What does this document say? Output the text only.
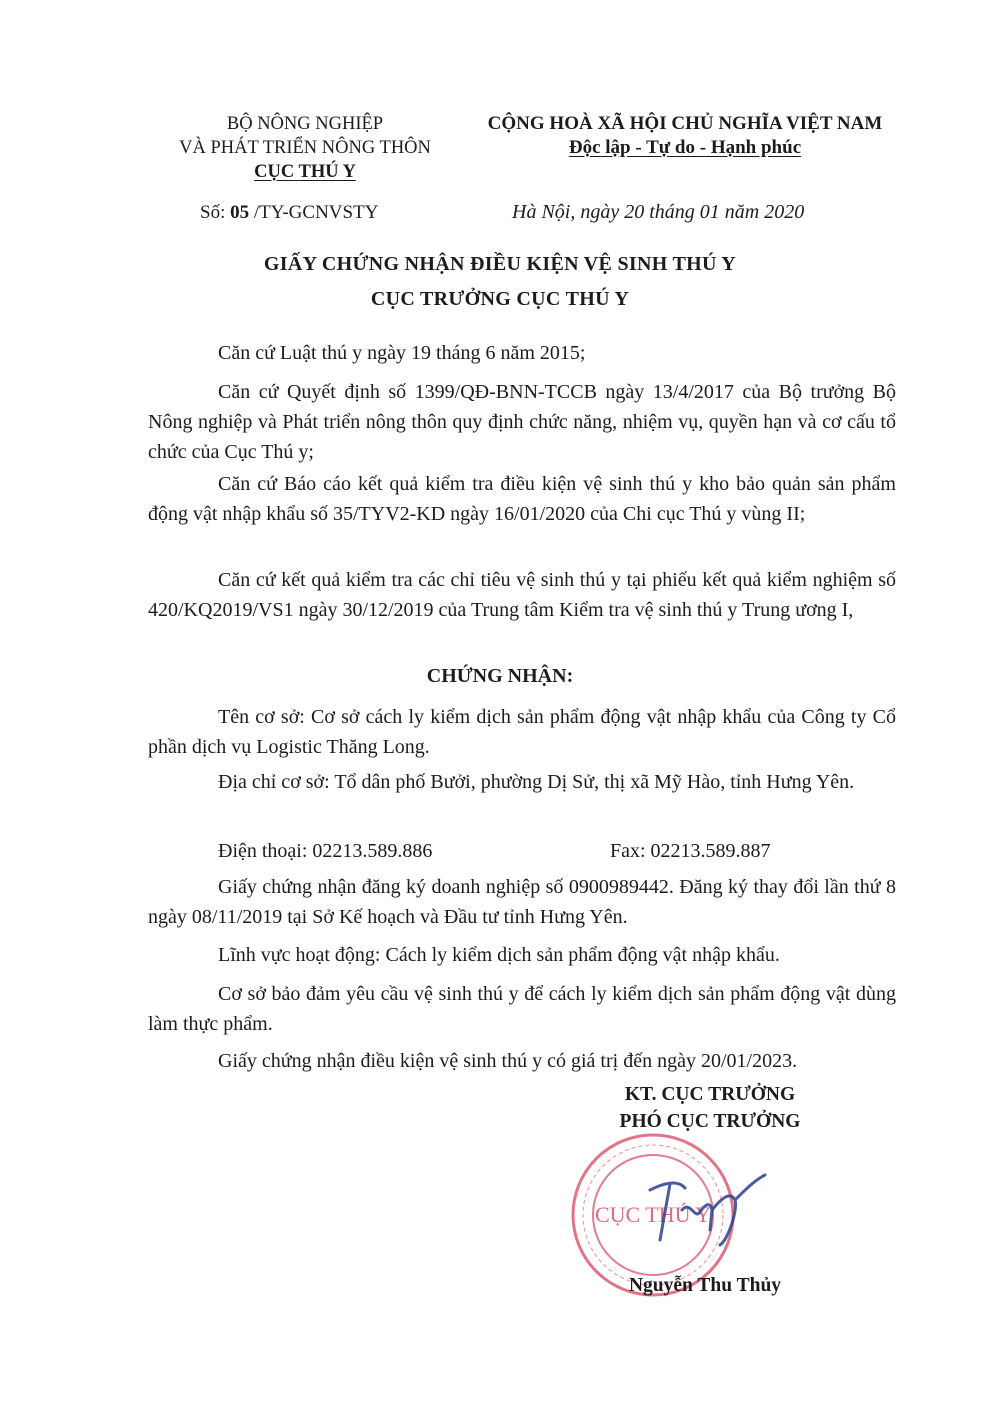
BỘ NÔNG NGHIỆP
VÀ PHÁT TRIỂN NÔNG THÔN
CỤC THÚ Y
CỘNG HOÀ XÃ HỘI CHỦ NGHĨA VIỆT NAM
Độc lập - Tự do - Hạnh phúc
Số: 05 /TY-GCNVSTY	Hà Nội, ngày 20 tháng 01 năm 2020
GIẤY CHỨNG NHẬN ĐIỀU KIỆN VỆ SINH THÚ Y
CỤC TRƯỞNG CỤC THÚ Y
Căn cứ Luật thú y ngày 19 tháng 6 năm 2015;
Căn cứ Quyết định số 1399/QĐ-BNN-TCCB ngày 13/4/2017 của Bộ trưởng Bộ Nông nghiệp và Phát triển nông thôn quy định chức năng, nhiệm vụ, quyền hạn và cơ cấu tổ chức của Cục Thú y;
Căn cứ Báo cáo kết quả kiểm tra điều kiện vệ sinh thú y kho bảo quản sản phẩm động vật nhập khẩu số 35/TYV2-KD ngày 16/01/2020 của Chi cục Thú y vùng II;
Căn cứ kết quả kiểm tra các chỉ tiêu vệ sinh thú y tại phiếu kết quả kiểm nghiệm số 420/KQ2019/VS1 ngày 30/12/2019 của Trung tâm Kiểm tra vệ sinh thú y Trung ương I,
CHỨNG NHẬN:
Tên cơ sở: Cơ sở cách ly kiểm dịch sản phẩm động vật nhập khẩu của Công ty Cổ phần dịch vụ Logistic Thăng Long.
Địa chỉ cơ sở: Tổ dân phố Bưởi, phường Dị Sử, thị xã Mỹ Hào, tỉnh Hưng Yên.
Điện thoại: 02213.589.886	Fax: 02213.589.887
Giấy chứng nhận đăng ký doanh nghiệp số 0900989442. Đăng ký thay đổi lần thứ 8 ngày 08/11/2019 tại Sở Kế hoạch và Đầu tư tỉnh Hưng Yên.
Lĩnh vực hoạt động: Cách ly kiểm dịch sản phẩm động vật nhập khẩu.
Cơ sở bảo đảm yêu cầu vệ sinh thú y để cách ly kiểm dịch sản phẩm động vật dùng làm thực phẩm.
Giấy chứng nhận điều kiện vệ sinh thú y có giá trị đến ngày 20/01/2023.
KT. CỤC TRƯỞNG
PHÓ CỤC TRƯỞNG
CỤC THÚ Y
Nguyễn Thu Thủy
